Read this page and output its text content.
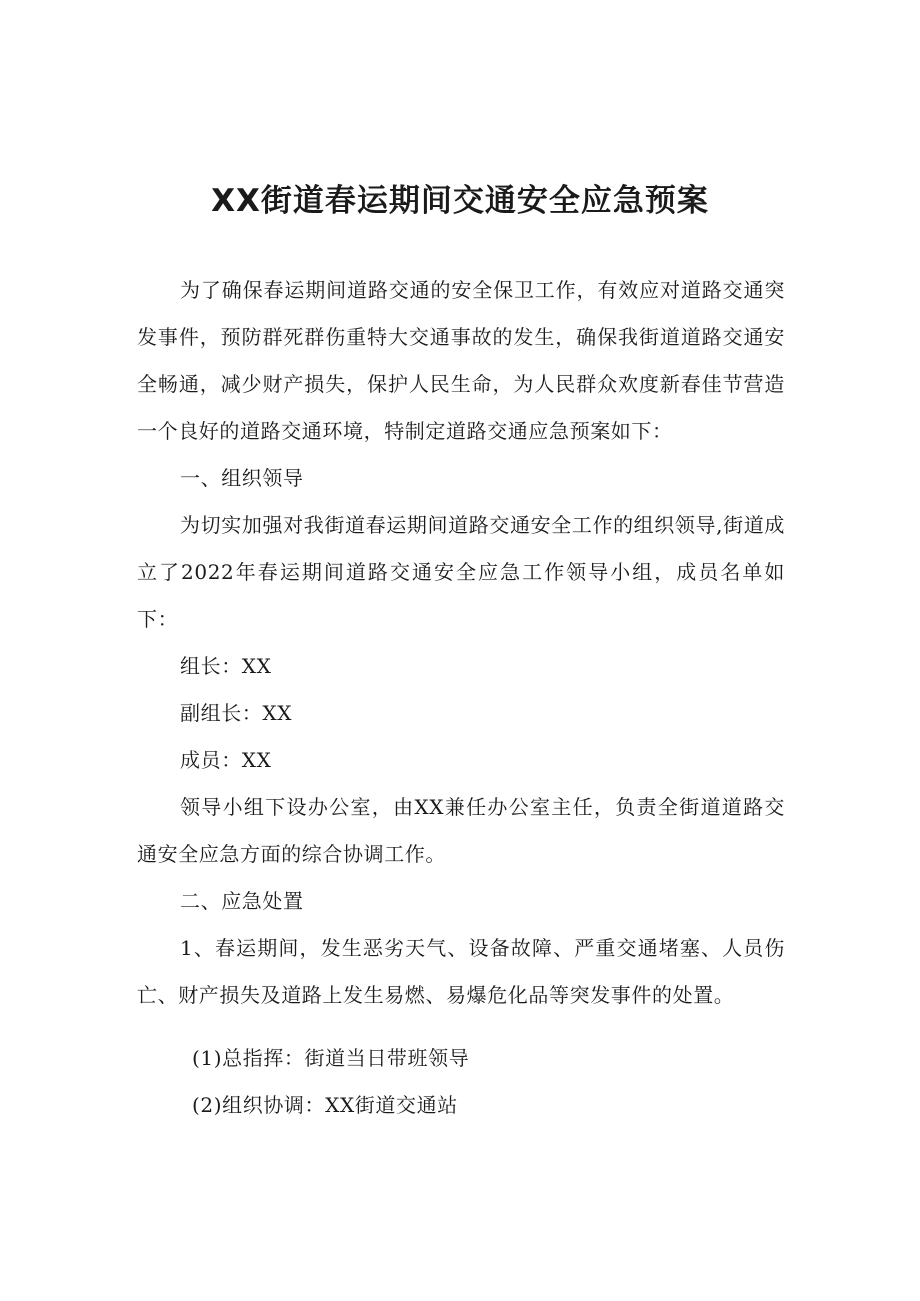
XX街道春运期间交通安全应急预案

为了确保春运期间道路交通的安全保卫工作，有效应对道路交通突发事件，预防群死群伤重特大交通事故的发生，确保我街道道路交通安全畅通，减少财产损失，保护人民生命，为人民群众欢度新春佳节营造一个良好的道路交通环境，特制定道路交通应急预案如下：

一、组织领导

为切实加强对我街道春运期间道路交通安全工作的组织领导,街道成立了2022年春运期间道路交通安全应急工作领导小组，成员名单如下：

组长：XX

副组长：XX

成员：XX

领导小组下设办公室，由XX兼任办公室主任，负责全街道道路交通安全应急方面的综合协调工作。

二、应急处置

1、春运期间，发生恶劣天气、设备故障、严重交通堵塞、人员伤亡、财产损失及道路上发生易燃、易爆危化品等突发事件的处置。

(1)总指挥：街道当日带班领导

(2)组织协调：XX街道交通站
